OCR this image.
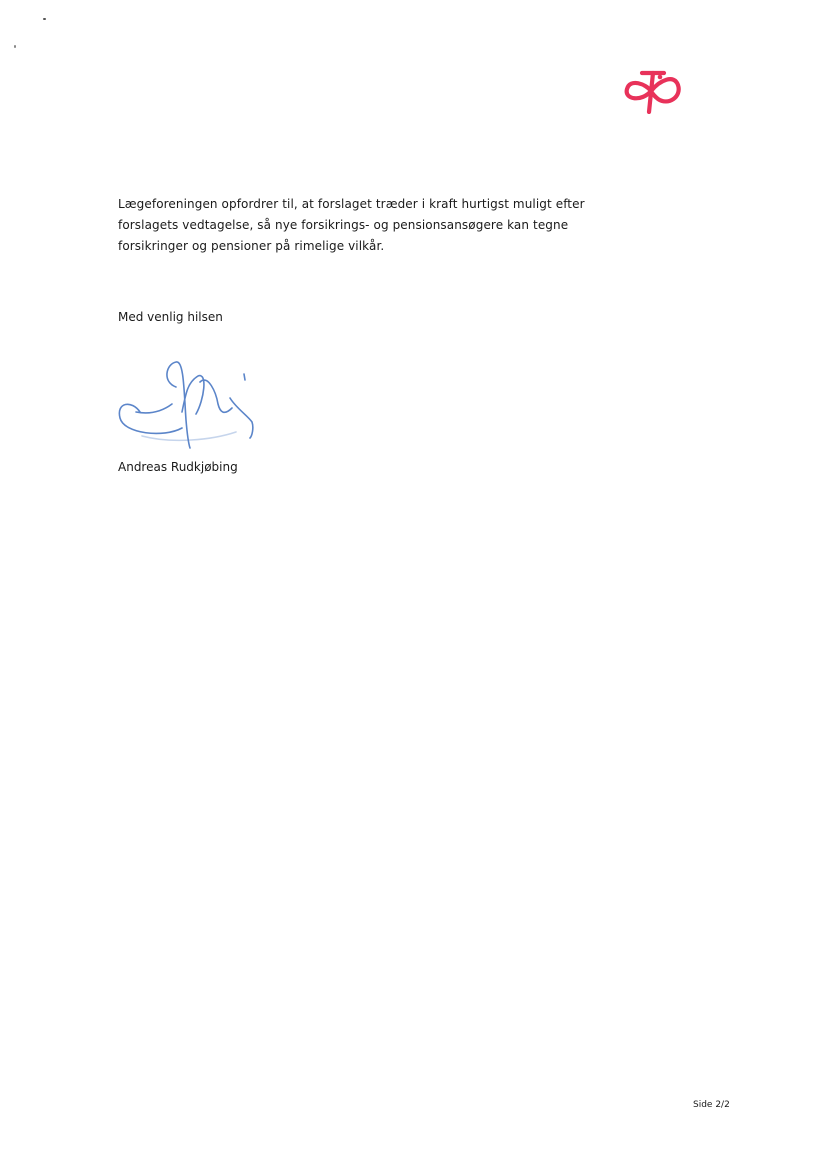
Lægeforeningen opfordrer til, at forslaget træder i kraft hurtigst muligt efter forslagets vedtagelse, så nye forsikrings- og pensionsansøgere kan tegne forsikringer og pensioner på rimelige vilkår.

Med venlig hilsen

Andreas Rudkjøbing

Side 2/2
